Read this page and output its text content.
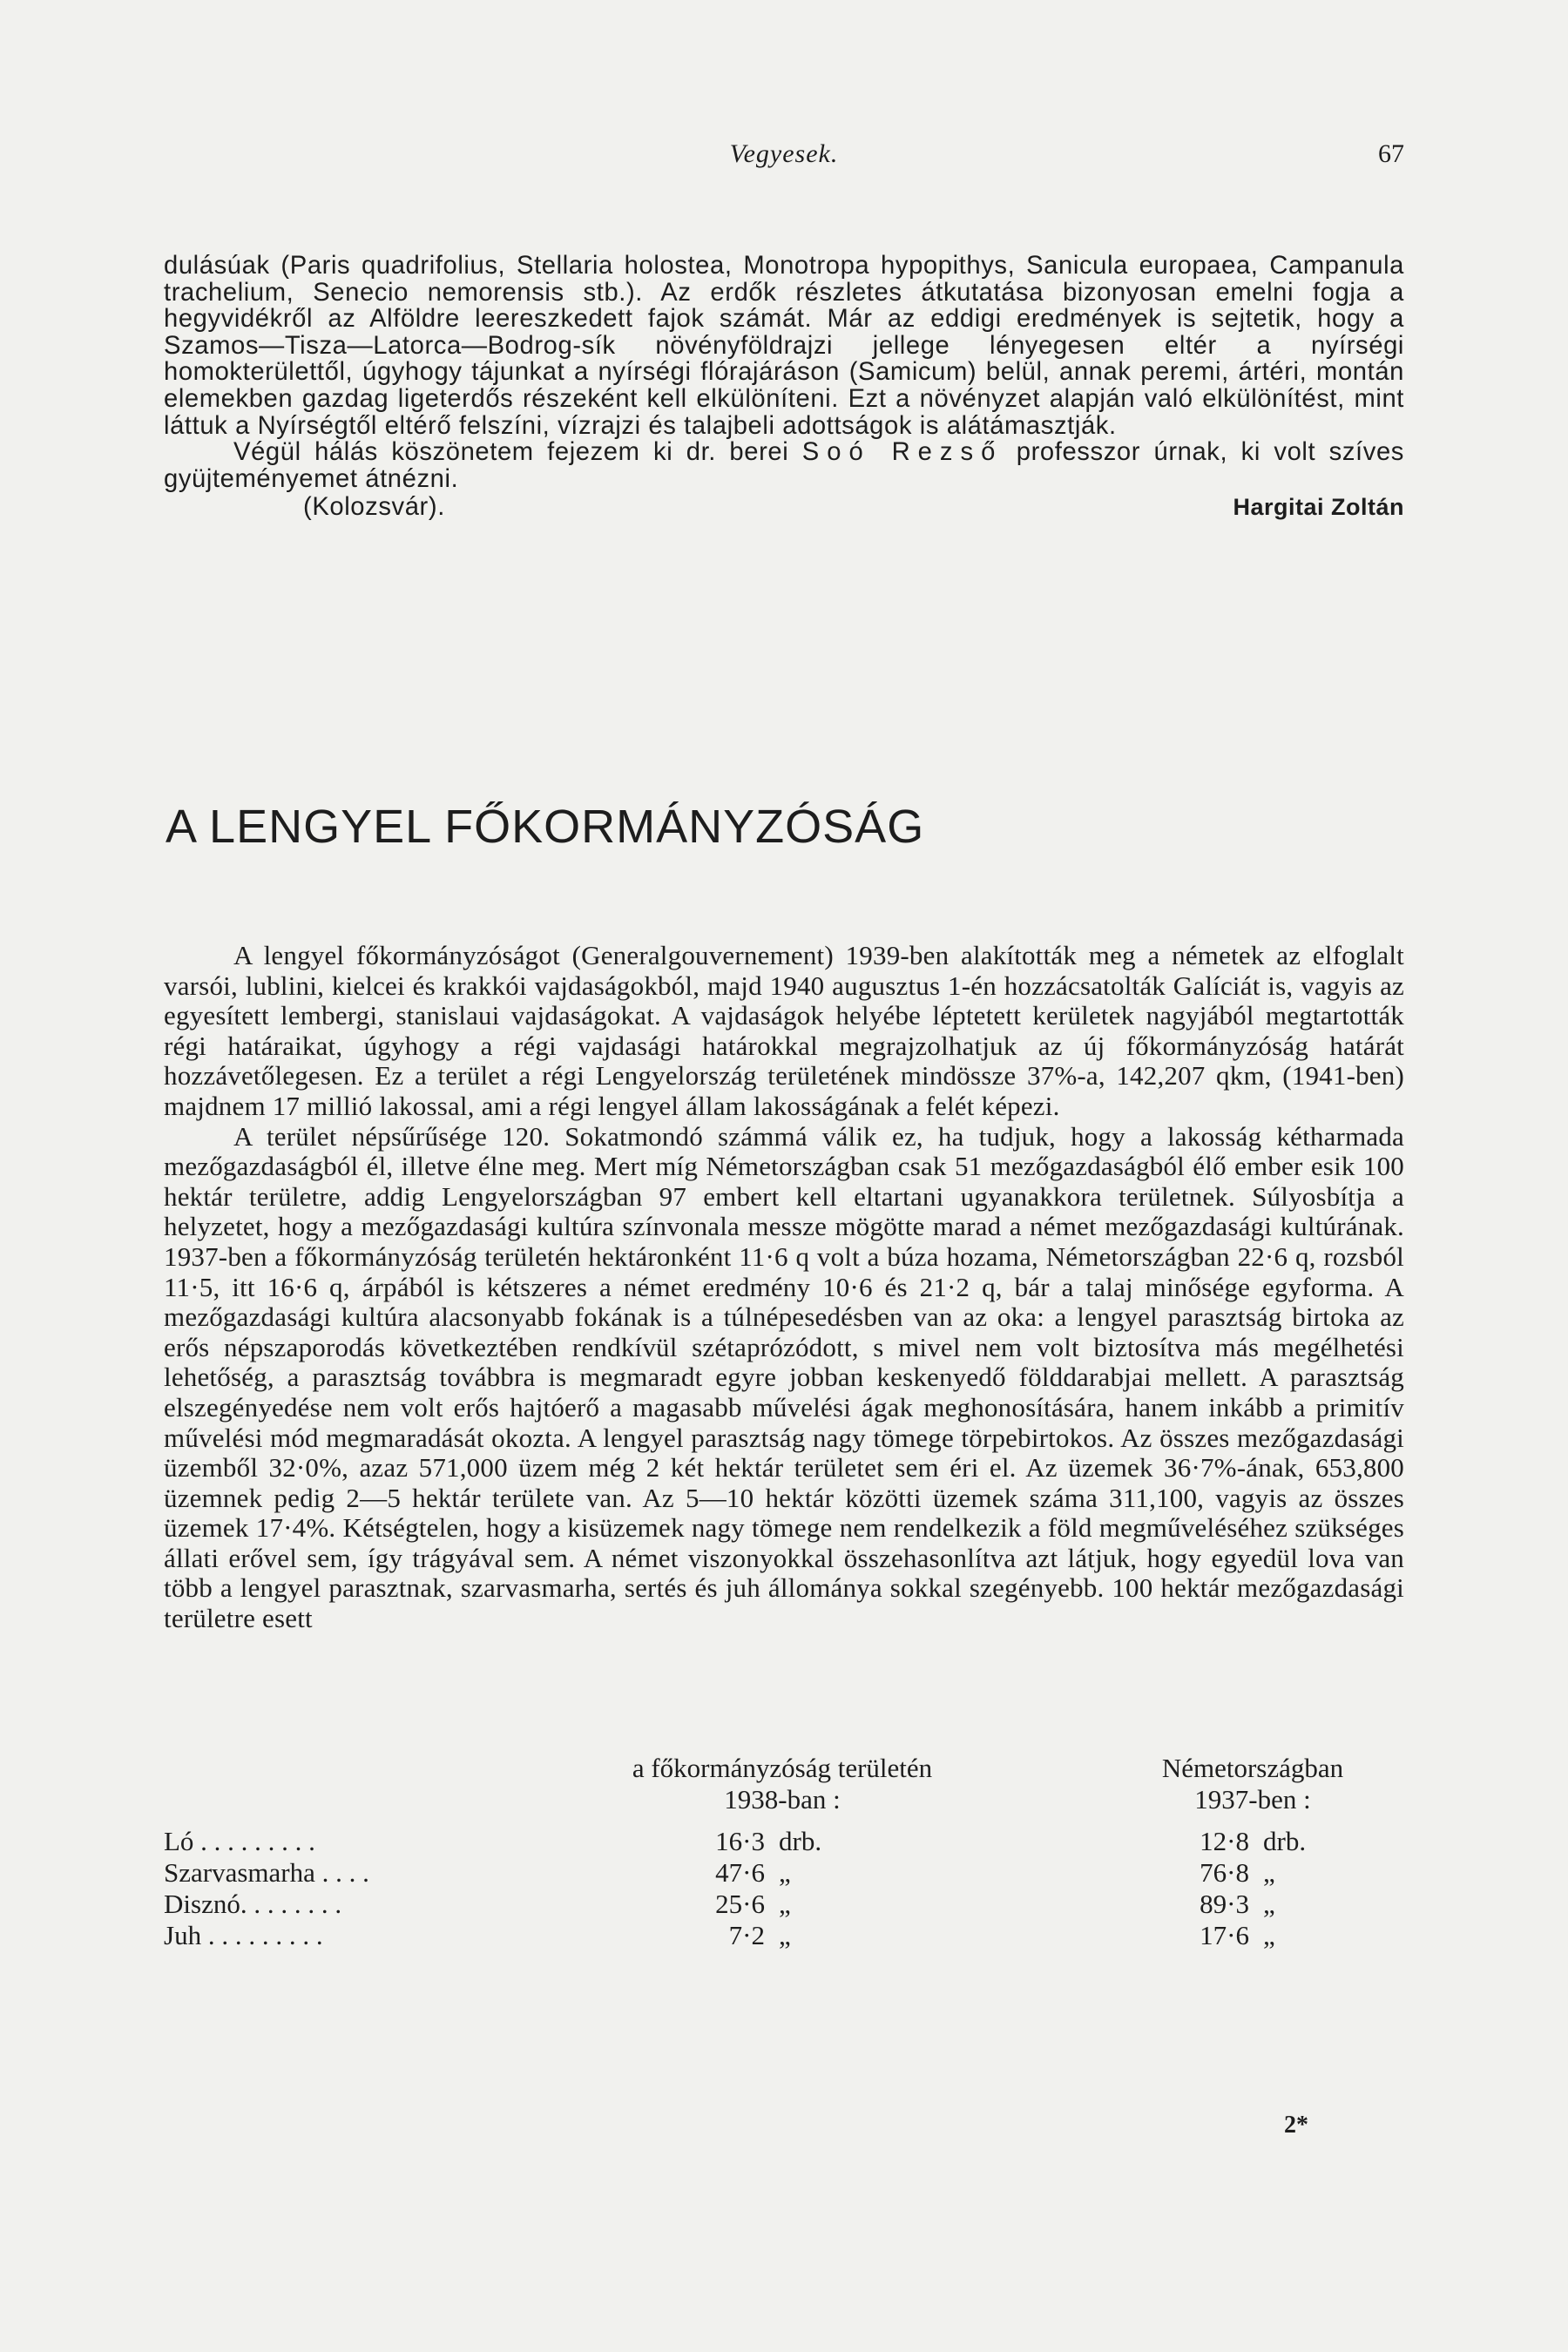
Vegyesek.	67

dulásúak (Paris quadrifolius, Stellaria holostea, Monotropa hypopithys, Sanicula europaea, Campanula trachelium, Senecio nemorensis stb.). Az erdők részletes átkutatása bizonyosan emelni fogja a hegyvidékről az Alföldre leereszkedett fajok számát. Már az eddigi eredmények is sejtetik, hogy a Szamos—Tisza—Latorca—Bodrog-sík növényföldrajzi jellege lényegesen eltér a nyírségi homokterülettől, úgyhogy tájunkat a nyírségi flórajáráson (Samicum) belül, annak peremi, ártéri, montán elemekben gazdag ligeterdős részeként kell elkülöníteni. Ezt a növényzet alapján való elkülönítést, mint láttuk a Nyírségtől eltérő felszíni, vízrajzi és talajbeli adottságok is alátámasztják.

Végül hálás köszönetem fejezem ki dr. berei Soó Rezső professzor úrnak, ki volt szíves gyüjteményemet átnézni.

(Kolozsvár).	Hargitai Zoltán
A LENGYEL FŐKORMÁNYZÓSÁG

A lengyel főkormányzóságot (Generalgouvernement) 1939-ben alakították meg a németek az elfoglalt varsói, lublini, kielcei és krakkói vajdaságokból, majd 1940 augusztus 1-én hozzácsatolták Galíciát is, vagyis az egyesített lembergi, stanislaui vajdaságokat. A vajdaságok helyébe léptetett kerületek nagyjából megtartották régi határaikat, úgyhogy a régi vajdasági határokkal megrajzolhatjuk az új főkormányzóság határát hozzávetőlegesen. Ez a terület a régi Lengyelország területének mindössze 37%-a, 142,207 qkm, (1941-ben) majdnem 17 millió lakossal, ami a régi lengyel állam lakosságának a felét képezi.

A terület népsűrűsége 120. Sokatmondó számmá válik ez, ha tudjuk, hogy a lakosság kétharmada mezőgazdaságból él, illetve élne meg. Mert míg Németországban csak 51 mezőgazdaságból élő ember esik 100 hektár területre, addig Lengyelországban 97 embert kell eltartani ugyanakkora területnek. Súlyosbítja a helyzetet, hogy a mezőgazdasági kultúra színvonala messze mögötte marad a német mezőgazdasági kultúrának. 1937-ben a főkormányzóság területén hektáronként 11·6 q volt a búza hozama, Németországban 22·6 q, rozsból 11·5, itt 16·6 q, árpából is kétszeres a német eredmény 10·6 és 21·2 q, bár a talaj minősége egyforma. A mezőgazdasági kultúra alacsonyabb fokának is a túlnépesedésben van az oka: a lengyel parasztság birtoka az erős népszaporodás következtében rendkívül szétaprózódott, s mivel nem volt biztosítva más megélhetési lehetőség, a parasztság továbbra is megmaradt egyre jobban keskenyedő földdarabjai mellett. A parasztság elszegényedése nem volt erős hajtóerő a magasabb művelési ágak meghonosítására, hanem inkább a primitív művelési mód megmaradását okozta. A lengyel parasztság nagy tömege törpebirtokos. Az összes mezőgazdasági üzemből 32·0%, azaz 571,000 üzem még 2 két hektár területet sem éri el. Az üzemek 36·7%-ának, 653,800 üzemnek pedig 2—5 hektár területe van. Az 5—10 hektár közötti üzemek száma 311,100, vagyis az összes üzemek 17·4%. Kétségtelen, hogy a kisüzemek nagy tömege nem rendelkezik a föld megműveléséhez szükséges állati erővel sem, így trágyával sem. A német viszonyokkal összehasonlítva azt látjuk, hogy egyedül lova van több a lengyel parasztnak, szarvasmarha, sertés és juh állománya sokkal szegényebb. 100 hektár mezőgazdasági területre esett

a főkormányzóság területén
1938-ban :
Németországban
1937-ben :
Ló . . . . . . . . .	16·3	drb.	12·8	drb.
Szarvasmarha . . . .	47·6	„	76·8	„
Disznó. . . . . . . .	25·6	„	89·3	„
Juh . . . . . . . . .	7·2	„	17·6	„
2*
